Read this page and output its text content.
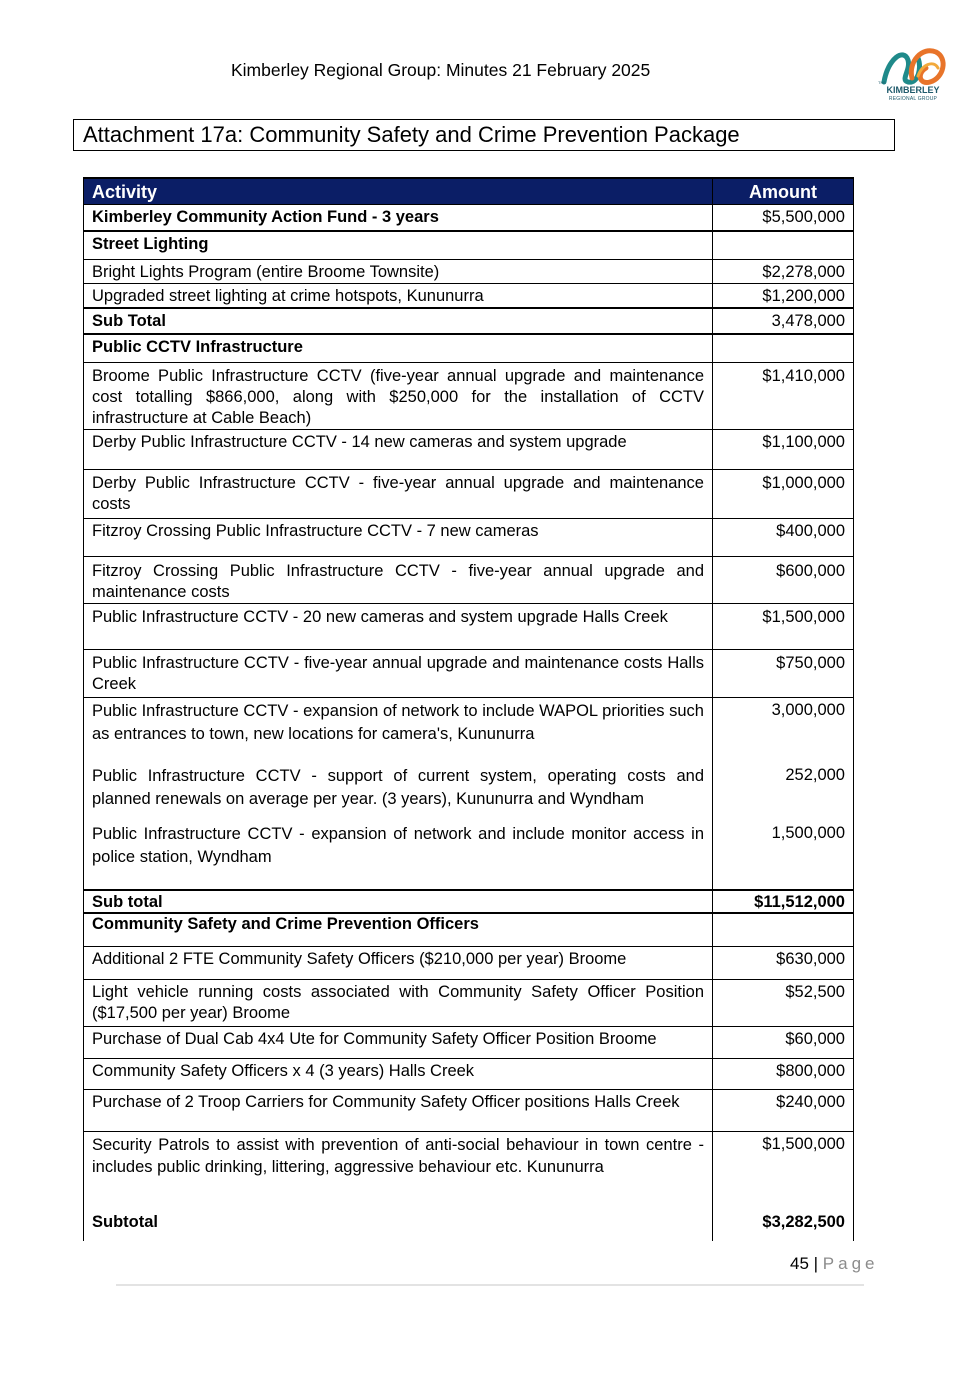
Kimberley Regional Group: Minutes 21 February 2025
THE
KIMBERLEY
REGIONAL GROUP
Attachment 17a: Community Safety and Crime Prevention Package
Activity	Amount
Kimberley Community Action Fund - 3 years	$5,500,000
Street Lighting	
Bright Lights Program (entire Broome Townsite)	$2,278,000
Upgraded street lighting at crime hotspots, Kununurra	$1,200,000
Sub Total	3,478,000
Public CCTV Infrastructure	
Broome Public Infrastructure CCTV (five-year annual upgrade and maintenance cost totalling $866,000, along with $250,000 for the installation of CCTV infrastructure at Cable Beach)	$1,410,000
Derby Public Infrastructure CCTV - 14 new cameras and system upgrade	$1,100,000
Derby Public Infrastructure CCTV - five-year annual upgrade and maintenance costs	$1,000,000
Fitzroy Crossing Public Infrastructure CCTV - 7 new cameras	$400,000
Fitzroy Crossing Public Infrastructure CCTV - five-year annual upgrade and maintenance costs	$600,000
Public Infrastructure CCTV - 20 new cameras and system upgrade Halls Creek	$1,500,000
Public Infrastructure CCTV - five-year annual upgrade and maintenance costs Halls Creek	$750,000
Public Infrastructure CCTV - expansion of network to include WAPOL priorities such as entrances to town, new locations for camera's, Kununurra	3,000,000
Public Infrastructure CCTV - support of current system, operating costs and planned renewals on average per year. (3 years), Kununurra and Wyndham	252,000
Public Infrastructure CCTV - expansion of network and include monitor access in police station, Wyndham	1,500,000
Sub total	$11,512,000
Community Safety and Crime Prevention Officers	
Additional 2 FTE Community Safety Officers ($210,000 per year) Broome	$630,000
Light vehicle running costs associated with Community Safety Officer Position ($17,500 per year) Broome	$52,500
Purchase of Dual Cab 4x4 Ute for Community Safety Officer Position Broome	$60,000
Community Safety Officers x 4 (3 years) Halls Creek	$800,000
Purchase of 2 Troop Carriers for Community Safety Officer positions Halls Creek	$240,000
Security Patrols to assist with prevention of anti-social behaviour in town centre - includes public drinking, littering, aggressive behaviour etc. Kununurra	$1,500,000
Subtotal	$3,282,500
45 | Page
